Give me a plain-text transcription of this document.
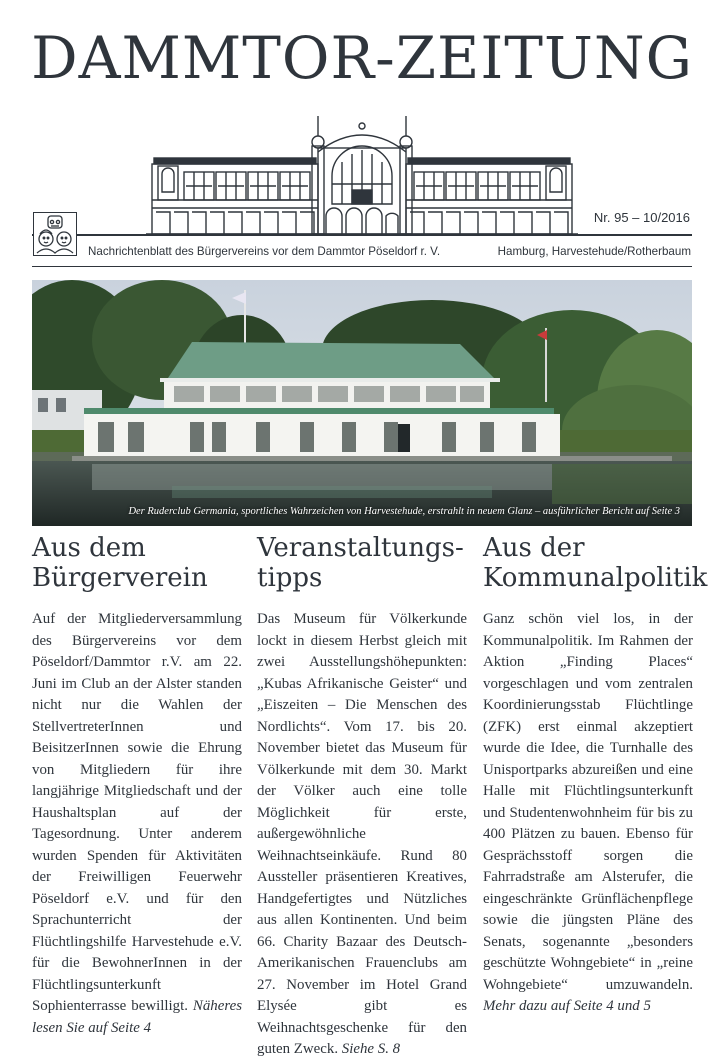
DAMMTOR-ZEITUNG
Nr. 95 – 10/2016
Nachrichtenblatt des Bürgervereins vor dem Dammtor Pöseldorf r. V.	Hamburg, Harvestehude/Rotherbaum
Der Ruderclub Germania, sportliches Wahrzeichen von Harvestehude, erstrahlt in neuem Glanz – ausführlicher Bericht auf Seite 3
Aus dem
Bürgerverein

Auf der Mitgliederversammlung des Bürgervereins vor dem Pöseldorf/Dammtor r.V. am 22. Juni im Club an der Alster standen nicht nur die Wahlen der StellvertreterInnen und BeisitzerInnen sowie die Ehrung von Mitgliedern für ihre langjährige Mitgliedschaft und der Haushaltsplan auf der Tagesordnung. Unter anderem wurden Spenden für Aktivitäten der Freiwilligen Feuerwehr Pöseldorf e.V. und für den Sprachunterricht der Flüchtlingshilfe Harvestehude e.V. für die BewohnerInnen in der Flüchtlingsunterkunft Sophienterrasse bewilligt. Näheres lesen Sie auf Seite 4

Veranstaltungs-
tipps

Das Museum für Völkerkunde lockt in diesem Herbst gleich mit zwei Ausstellungshöhepunkten: „Kubas Afrikanische Geister“ und „Eiszeiten – Die Menschen des Nordlichts“. Vom 17. bis 20. November bietet das Museum für Völkerkunde mit dem 30. Markt der Völker auch eine tolle Möglichkeit für erste, außergewöhnliche Weihnachtseinkäufe. Rund 80 Aussteller präsentieren Kreatives, Handgefertigtes und Nützliches aus allen Kontinenten. Und beim 66. Charity Bazaar des Deutsch-Amerikanischen Frauenclubs am 27. November im Hotel Grand Elysée gibt es Weihnachtsgeschenke für den guten Zweck. Siehe S. 8

Aus der
Kommunalpolitik

Ganz schön viel los, in der Kommunalpolitik. Im Rahmen der Aktion „Finding Places“ vorgeschlagen und vom zentralen Koordinierungsstab Flüchtlinge (ZFK) erst einmal akzeptiert wurde die Idee, die Turnhalle des Unisportparks abzureißen und eine Halle mit Flüchtlingsunterkunft und Studentenwohnheim für bis zu 400 Plätzen zu bauen. Ebenso für Gesprächsstoff sorgen die Fahrradstraße am Alsterufer, die eingeschränkte Grünflächenpflege sowie die jüngsten Pläne des Senats, sogenannte „besonders geschützte Wohngebiete“ in „reine Wohngebiete“ umzuwandeln. Mehr dazu auf Seite 4 und 5
